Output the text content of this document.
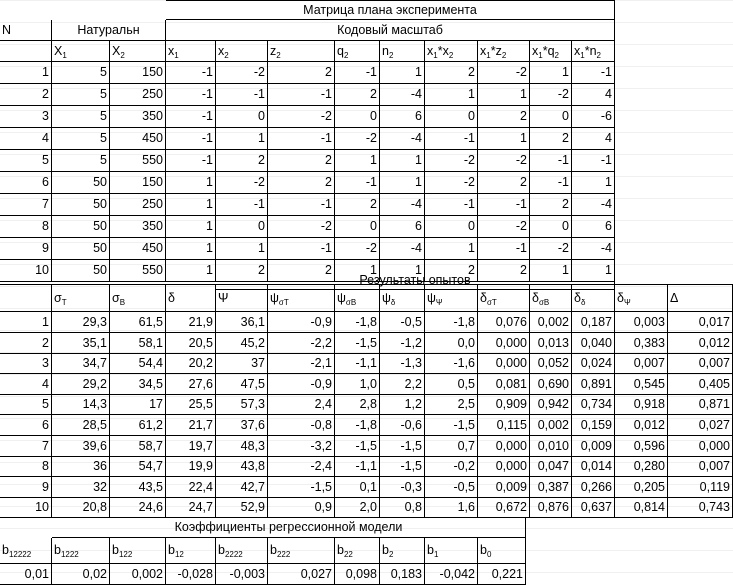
Матрица плана эксперимента
N	Натуральн	Кодовый масштаб
$X_1$	$X_2$	$x_1$	$x_2$	$z_2$	$q_2$	$n_2$	$x_1*x_2$	$x_1*z_2$	$x_1*q_2$	$x_1*n_2$
1	5	150	-1	-2	2	-1	1	2	-2	1	-1
2	5	250	-1	-1	-1	2	-4	1	1	-2	4
3	5	350	-1	0	-2	0	6	0	2	0	-6
4	5	450	-1	1	-1	-2	-4	-1	1	2	4
5	5	550	-1	2	2	1	1	-2	-2	-1	-1
6	50	150	1	-2	2	-1	1	-2	2	-1	1
7	50	250	1	-1	-1	2	-4	-1	-1	2	-4
8	50	350	1	0	-2	0	6	0	-2	0	6
9	50	450	1	1	-1	-2	-4	1	-1	-2	-4
10	50	550	1	2	2	1	1	2	2	1	1
Результаты опытов
$\sigma_T$	$\sigma_B$	δ	Ψ	$\psi_{\sigma T}$	$\psi_{\sigma B}$	$\psi_\delta$	$\psi_\Psi$	$\delta_{\sigma T}$	$\delta_{\sigma B}$	$\delta_\delta$	$\delta_\Psi$	Δ
1	29,3	61,5	21,9	36,1	-0,9	-1,8	-0,5	-1,8	0,076 0,002 0,187	0,003	0,017
2	35,1	58,1	20,5	45,2	-2,2	-1,5	-1,2	0,0	0,000 0,013 0,040	0,383	0,012
3	34,7	54,4	20,2	37	-2,1	-1,1	-1,3	-1,6	0,000 0,052 0,024	0,007	0,007
4	29,2	34,5	27,6	47,5	-0,9	1,0	2,2	0,5	0,081 0,690 0,891	0,545	0,405
5	14,3	17	25,5	57,3	2,4	2,8	1,2	2,5	0,909 0,942 0,734	0,918	0,871
6	28,5	61,2	21,7	37,6	-0,8	-1,8	-0,6	-1,5	0,115 0,002 0,159	0,012	0,027
7	39,6	58,7	19,7	48,3	-3,2	-1,5	-1,5	0,7	0,000 0,010 0,009	0,596	0,000
8	36	54,7	19,9	43,8	-2,4	-1,1	-1,5	-0,2	0,000 0,047 0,014	0,280	0,007
9	32	43,5	22,4	42,7	-1,5	0,1	-0,3	-0,5	0,009 0,387 0,266	0,205	0,119
10	20,8	24,6	24,7	52,9	0,9	2,0	0,8	1,6	0,672 0,876 0,637	0,814	0,743
Коэффициенты регрессионной модели
$b_{12222}$	$b_{1222}$	$b_{122}$	$b_{12}$	$b_{2222}$	$b_{222}$	$b_{22}$	$b_2$	$b_1$	$b_0$
0,01	0,02	0,002	-0,028	-0,003	0,027	0,098	0,183	-0,042	0,221
